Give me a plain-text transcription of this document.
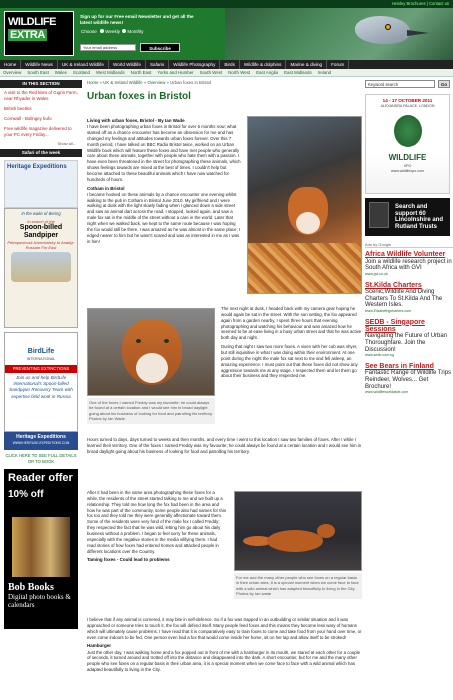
Heisley Brochures | Contact us
WILDLIFE
EXTRA
Sign up for our Free email Newsletter and get all the latest wildlife news!
Choose Weekly Monthly
Your email address	Subscribe
Home Wildlife News UK & Ireland Wildlife World Wildlife Safaris Wildlife Photography Birds Wildlife & dolphins Marine & diving Forum
Overview South East Wales Scotland West Midlands North East Yorks and Humber South West North West East Anglia East Midlands Ireland
IN THIS SECTION
A visit to the Red kites of Gigrin Farm, near Rhyader in Wales
British beetles
Cornwall - Bolingey bufo
Free wildlife magazine delivered to your PC every Friday...
Show all...
Safari of the week
Heritage Expeditions
In the wake of Bering
In search of the
Spoon-billed Sandpiper
Petropavlovsk-Kamchatsky to Anadyr, Russian Far East
BirdLife
INTERNATIONAL
PREVENTING EXTINCTIONS
Join us and help BirdLife International's Spoon-billed Sandpiper Recovery Team with expertise field work in Russia
Heritage Expeditions
WWW.HERITAGE-EXPEDITIONS.COM
CLICK HERE TO SEE FULL DETAILS OR TO BOOK
Reader offer
10% off
Bob Books
Digital photo books & calendars
Home » UK & Ireland Wildlife » Overview » Urban foxes in Bristol
Urban foxes in Bristol
Living with urban foxes, Bristol - By Ian Wade
I have been photographing urban foxes in Bristol for over 6 months now; what started off as a chance encounter has become an obsession for me and has changed my feelings and attitudes towards urban foxes forever. Over this 7 month period, I have talked on BBC Radio Bristol twice, worked on an Urban Wildlife book which will feature these foxes and have met people who generally care about these animals, together with people who hate them with a passion. I have even been threatened in the street for photographing these animals, which shows feelings towards are mixed at the best of times. I couldn't help but become attached to these beautiful animals which I have now watched for hundreds of hours.
Cotham in Bristol
I became hooked on these animals by a chance encounter one evening whilst walking to the pub in Cotham in Bristol June 2010. My girlfriend and I were walking at dusk with the light slowly fading when I glanced down a side street and saw an animal dart across the road. I stopped, looked again, and saw a male fox sat in the middle of the street without a care in the world. Later that night when we walked back, we kept to the same route because I was hoping the fox would still be there. I was amazed as he was almost in the same place; I edged nearer to him but he wasn't scared and was as interested in me as I was in him!
One of the foxes I named Freddy was my favourite; he could always be found at a certain location and I would see him in broad daylight going about his business of looking for food and patrolling his territory. Photos by Ian Wade.
The next night at dusk, I headed back with my camera gear hoping he would again be sat in the street. With the sun setting, the fox appeared again from a garden nearby. I spent three hours that evening photographing and watching his behaviour and was amazed how he seemed to be at ease living in a busy urban street and that he was active both day and night.
During that night I saw two more foxes. A vixen with her cub was shyer, but still inquisitive in what I was doing within their environment. At one point during the night the male fox sat next to me and fell asleep, an amazing experience. I must point out that these foxes did not show any aggression towards me at any stage. I respected them and let them go about their business and they respected me.
Hours turned to days, days turned to weeks and then months, and every time I went to this location I saw two families of foxes. After I while I learned their territory. One of the foxes I named Freddy was my favourite; he could always be found at a certain location and I would see him in broad daylight going about his business of looking for food and patrolling his territory.
After it had been in the same area photographing these foxes for a while, the residents of the street started talking to me and we built up a relationship. They told me how long the fox had been in the area and how he was part of the community, some people also had names for this fox too and they told me they were generally affectionate toward them. Some of the residents were very fond of the male fox I called Freddy; they respected the fact that he was wild, letting him go about his daily business without a problem. I began to feel sorry for these animals, especially with the negative stories in the media vilifying them. I had read stories of how foxes had entered homes and attacked people in different locations over the Country.
Taming foxes - Could lead to problems
For me and the many other people who see foxes on a regular basis in their urban area, it is a special moment when we come face to face with a wild animal which has adapted beautifully to living in the City. Photos by Ian wade
I believe that if any animal is cornered, it may bite in self-defence. So if a fox was trapped in an outbuilding or similar situation and it was approached or someone tries to touch it, the fox will defend itself. Many people feed foxes and this means they become less wary of humans which will ultimately cause problems. I have read that it is comparatively easy to train foxes to come and take food from your hand over time, or even come indoors to be fed. One person even had a fox that would come inside her home, sit on her lap and allow itself to be stroked!
Hamburger
Just the other day, I was walking home and a fox popped out in front of me with a hamburger in its mouth, we stared at each other for a couple of seconds, it turned around and trotted off into the distance and disappeared into the dark. A short encounter, but for me and the many other people who see foxes on a regular basis in their urban area, it is a special moment when we come face to face with a wild animal which has adapted beautifully to living in the City.
Keyword search	Go
14 - 17 OCTOBER 2011
ALEXANDRA PALACE, LONDON
WILDLIFE
XPO
www.wildlifexpo.com
Search and support 60 Lincolnshire and Rutland Trusts
Ads by Google
Africa Wildlife Volunteer
Join a wildlife research project in South Africa with GVI
www.gvi.co.uk
St.Kilda Charters
Scenic,Wildlife And Diving Charters To St.Kilda And The Western Isles.
www.Elizabethgcharters.com
SEDB - Singapore Sessions
Navigating the Future of Urban Thoroughfare. Join the Discussion!
www.sedb.com.sg
See Bears in Finland
Fantastic Range of Wildlife Trips Reindeer, Wolves... Get Brochure!
www.wildlifeworldwide.com
